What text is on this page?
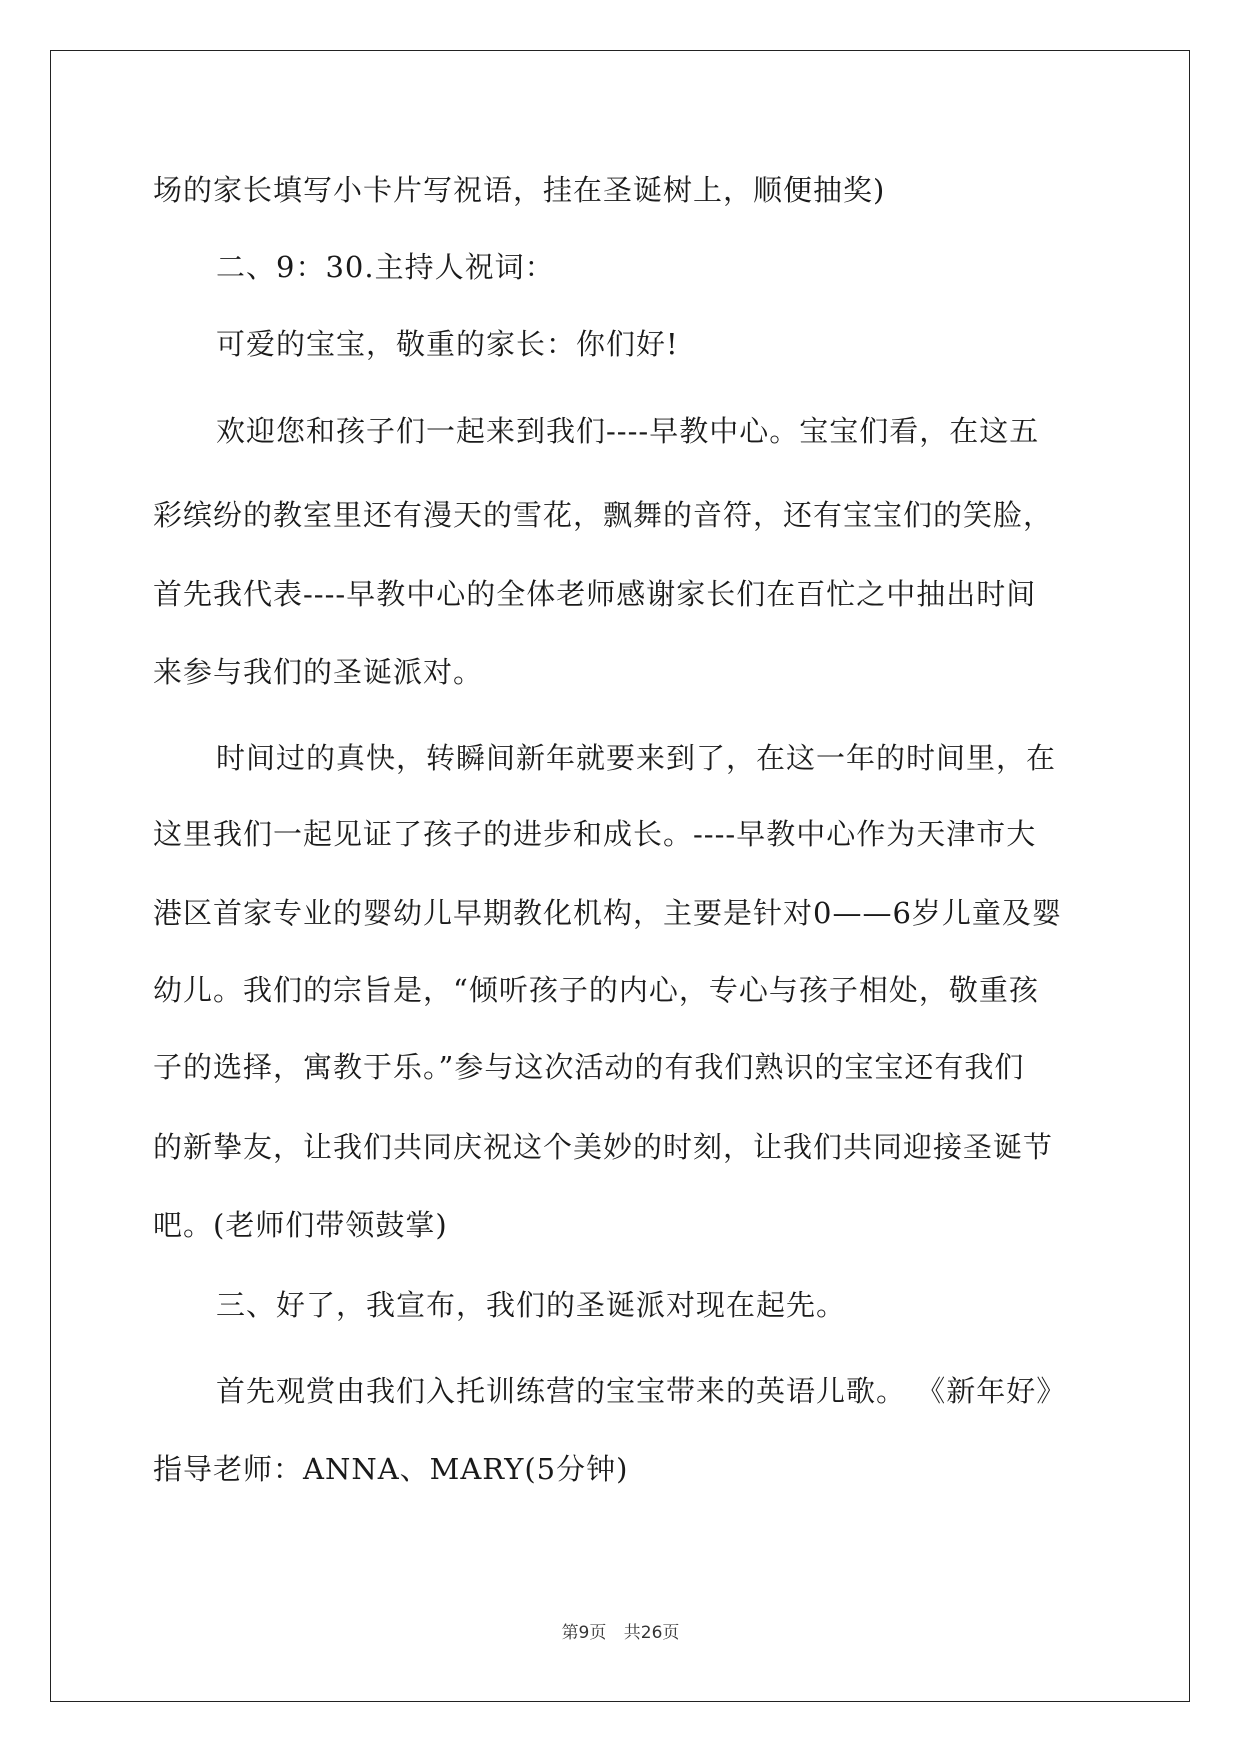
场的家长填写小卡片写祝语，挂在圣诞树上，顺便抽奖)
二、9：30.主持人祝词：
可爱的宝宝，敬重的家长：你们好!
欢迎您和孩子们一起来到我们----早教中心。宝宝们看，在这五
彩缤纷的教室里还有漫天的雪花，飘舞的音符，还有宝宝们的笑脸，
首先我代表----早教中心的全体老师感谢家长们在百忙之中抽出时间
来参与我们的圣诞派对。
时间过的真快，转瞬间新年就要来到了，在这一年的时间里，在
这里我们一起见证了孩子的进步和成长。----早教中心作为天津市大
港区首家专业的婴幼儿早期教化机构，主要是针对0——6岁儿童及婴
幼儿。我们的宗旨是，“倾听孩子的内心，专心与孩子相处，敬重孩
子的选择，寓教于乐。”参与这次活动的有我们熟识的宝宝还有我们
的新挚友，让我们共同庆祝这个美妙的时刻，让我们共同迎接圣诞节
吧。(老师们带领鼓掌)
三、好了，我宣布，我们的圣诞派对现在起先。
首先观赏由我们入托训练营的宝宝带来的英语儿歌。 《新年好》
指导老师：ANNA、MARY(5分钟)
第9页 共26页
